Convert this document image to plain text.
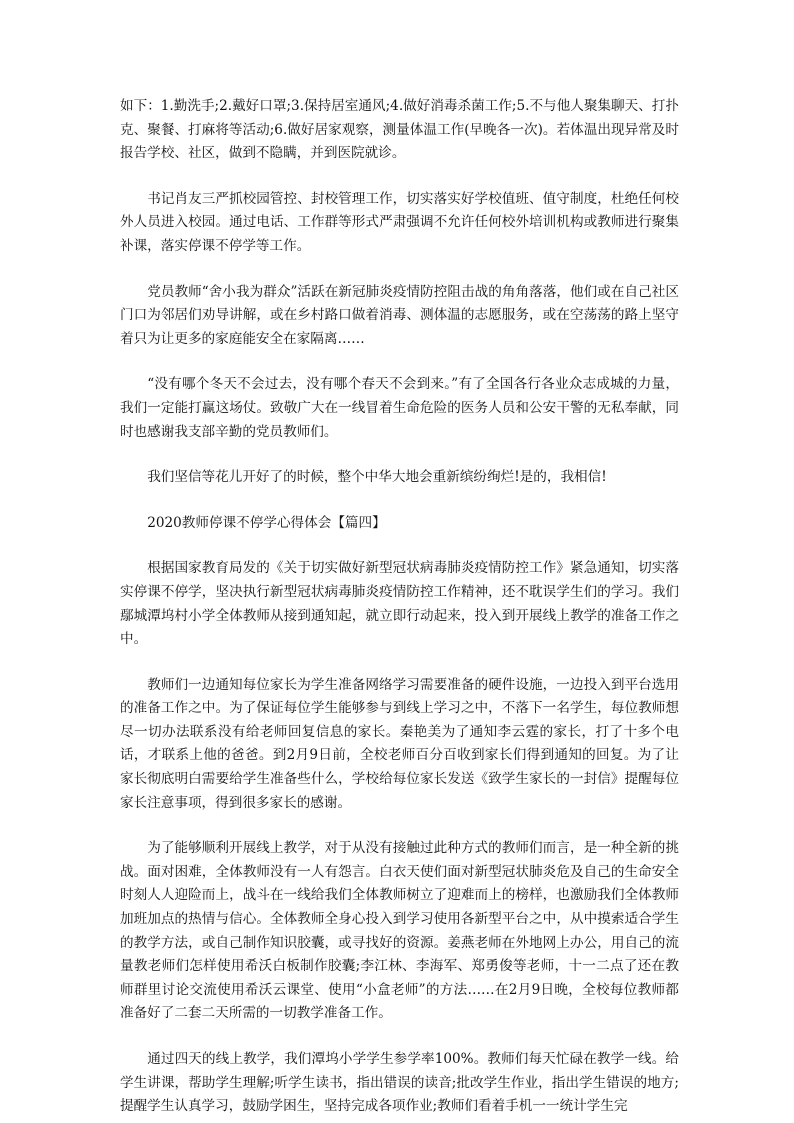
如下：1.勤洗手;2.戴好口罩;3.保持居室通风;4.做好消毒杀菌工作;5.不与他人聚集聊天、打扑克、聚餐、打麻将等活动;6.做好居家观察，测量体温工作(早晚各一次)。若体温出现异常及时报告学校、社区，做到不隐瞒，并到医院就诊。

书记肖友三严抓校园管控、封校管理工作，切实落实好学校值班、值守制度，杜绝任何校外人员进入校园。通过电话、工作群等形式严肃强调不允许任何校外培训机构或教师进行聚集补课，落实停课不停学等工作。

党员教师“舍小我为群众”活跃在新冠肺炎疫情防控阻击战的角角落落，他们或在自己社区门口为邻居们劝导讲解，或在乡村路口做着消毒、测体温的志愿服务，或在空荡荡的路上坚守着只为让更多的家庭能安全在家隔离……

“没有哪个冬天不会过去，没有哪个春天不会到来。”有了全国各行各业众志成城的力量，我们一定能打赢这场仗。致敬广大在一线冒着生命危险的医务人员和公安干警的无私奉献，同时也感谢我支部辛勤的党员教师们。

我们坚信等花儿开好了的时候，整个中华大地会重新缤纷绚烂!是的，我相信!

2020教师停课不停学心得体会【篇四】

根据国家教育局发的《关于切实做好新型冠状病毒肺炎疫情防控工作》紧急通知，切实落实停课不停学，坚决执行新型冠状病毒肺炎疫情防控工作精神，还不耽误学生们的学习。我们鄢城潭坞村小学全体教师从接到通知起，就立即行动起来，投入到开展线上教学的准备工作之中。

教师们一边通知每位家长为学生准备网络学习需要准备的硬件设施，一边投入到平台选用的准备工作之中。为了保证每位学生能够参与到线上学习之中，不落下一名学生，每位教师想尽一切办法联系没有给老师回复信息的家长。秦艳美为了通知李云霆的家长，打了十多个电话，才联系上他的爸爸。到2月9日前，全校老师百分百收到家长们得到通知的回复。为了让家长彻底明白需要给学生准备些什么，学校给每位家长发送《致学生家长的一封信》提醒每位家长注意事项，得到很多家长的感谢。

为了能够顺利开展线上教学，对于从没有接触过此种方式的教师们而言，是一种全新的挑战。面对困难，全体教师没有一人有怨言。白衣天使们面对新型冠状肺炎危及自己的生命安全时刻人人迎险而上，战斗在一线给我们全体教师树立了迎难而上的榜样，也激励我们全体教师加班加点的热情与信心。全体教师全身心投入到学习使用各新型平台之中，从中摸索适合学生的教学方法，或自己制作知识胶囊，或寻找好的资源。姜燕老师在外地网上办公，用自己的流量教老师们怎样使用希沃白板制作胶囊;李江林、李海军、郑勇俊等老师，十一二点了还在教师群里讨论交流使用希沃云课堂、使用“小盒老师”的方法……在2月9日晚，全校每位教师都准备好了二套二天所需的一切教学准备工作。

通过四天的线上教学，我们潭坞小学学生参学率100%。教师们每天忙碌在教学一线。给学生讲课，帮助学生理解;听学生读书，指出错误的读音;批改学生作业，指出学生错误的地方;提醒学生认真学习，鼓励学困生，坚持完成各项作业;教师们看着手机一一统计学生完
